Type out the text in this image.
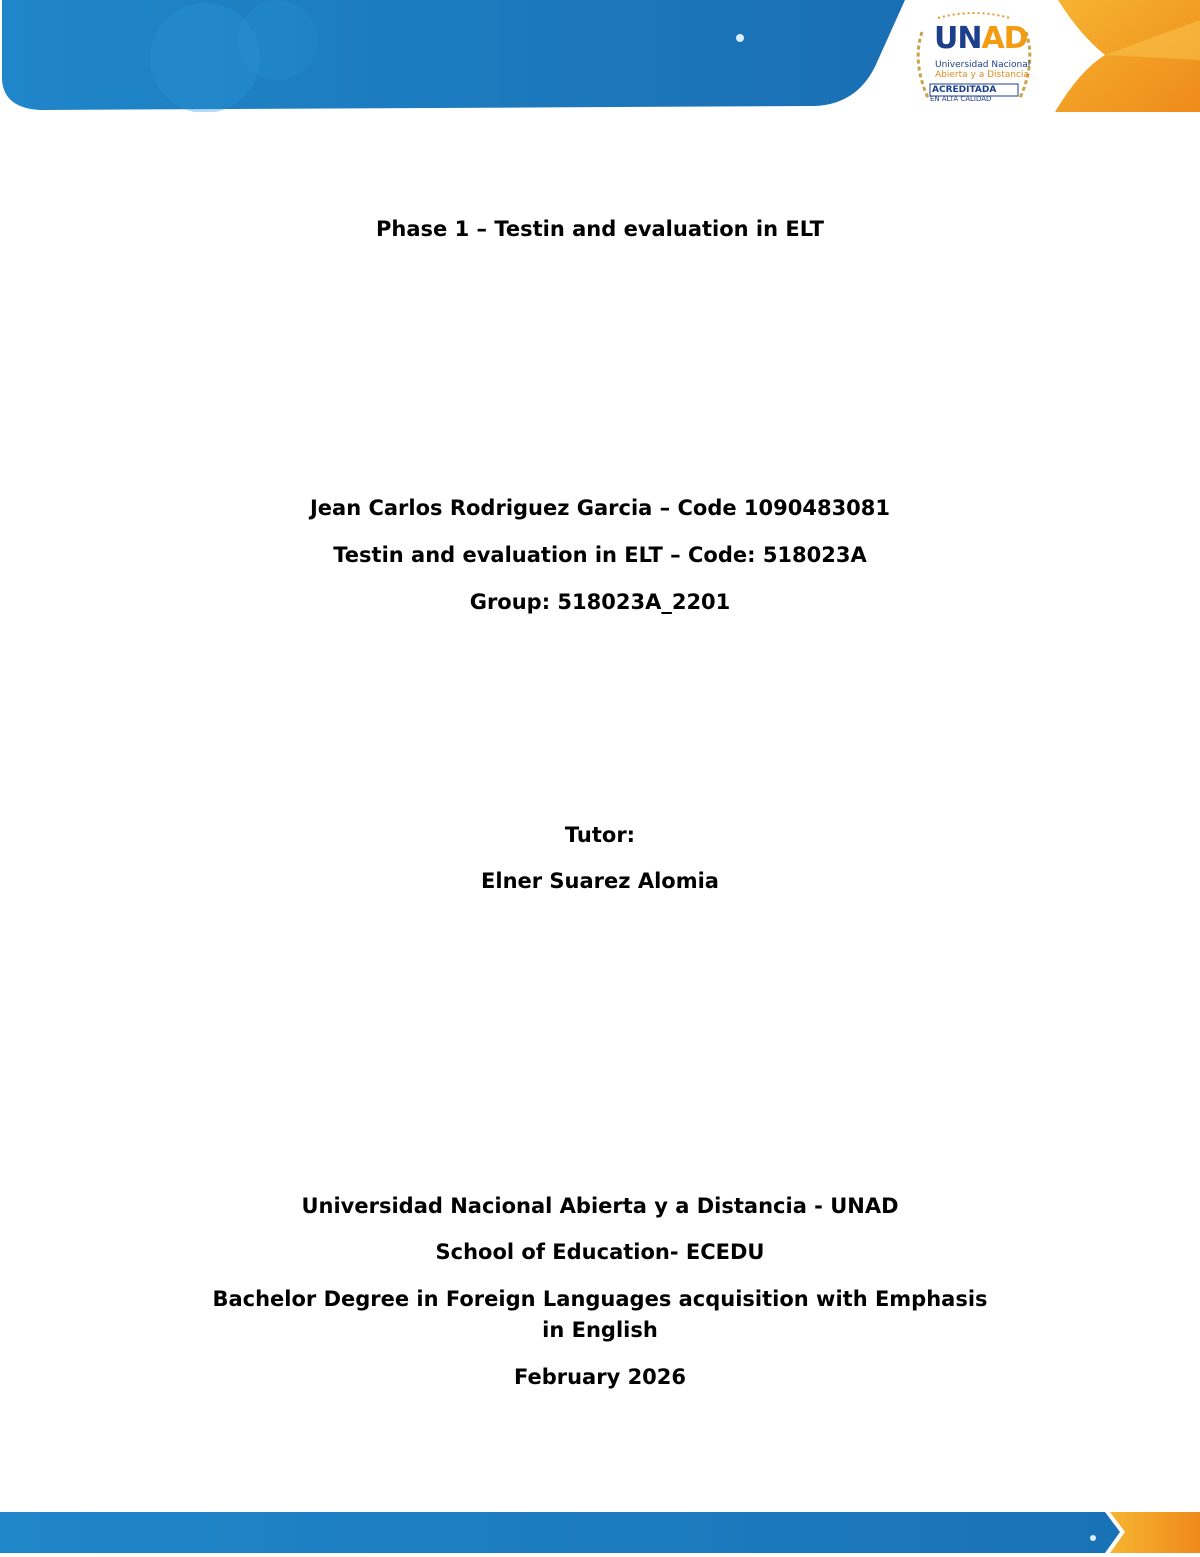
UNAD
Universidad Nacional
Abierta y a Distancia
ACREDITADA
EN ALTA CALIDAD
Phase 1 – Testin and evaluation in ELT
Jean Carlos Rodriguez Garcia – Code 1090483081
Testin and evaluation in ELT – Code: 518023A
Group: 518023A_2201
Tutor:
Elner Suarez Alomia
Universidad Nacional Abierta y a Distancia - UNAD
School of Education- ECEDU
Bachelor Degree in Foreign Languages acquisition with Emphasis
in English
February 2026
